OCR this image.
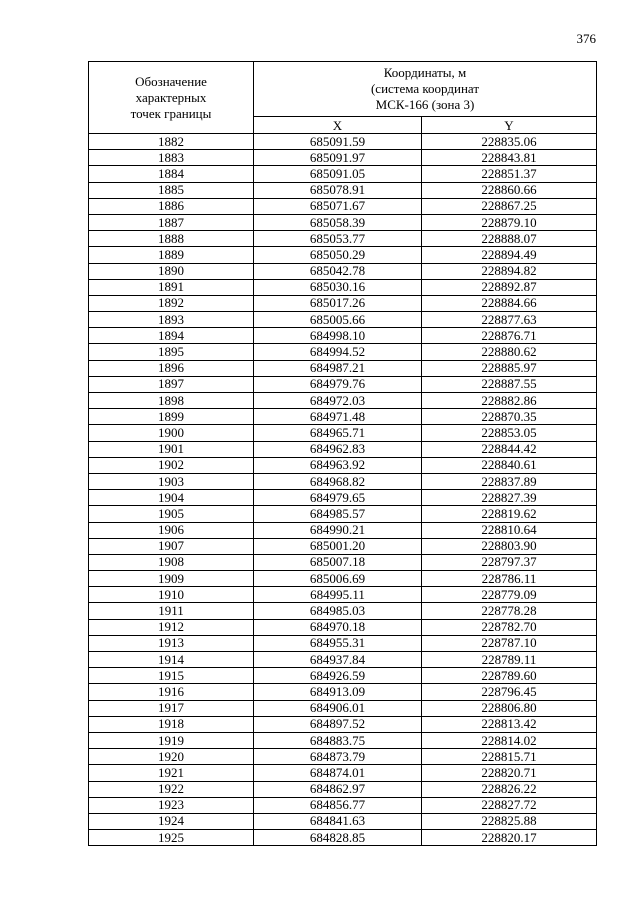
376
Обозначение
характерных
точек границы	Координаты, м
(система координат
МСК-166 (зона 3)	

	X	Y
1882	685091.59	228835.06
1883	685091.97	228843.81
1884	685091.05	228851.37
1885	685078.91	228860.66
1886	685071.67	228867.25
1887	685058.39	228879.10
1888	685053.77	228888.07
1889	685050.29	228894.49
1890	685042.78	228894.82
1891	685030.16	228892.87
1892	685017.26	228884.66
1893	685005.66	228877.63
1894	684998.10	228876.71
1895	684994.52	228880.62
1896	684987.21	228885.97
1897	684979.76	228887.55
1898	684972.03	228882.86
1899	684971.48	228870.35
1900	684965.71	228853.05
1901	684962.83	228844.42
1902	684963.92	228840.61
1903	684968.82	228837.89
1904	684979.65	228827.39
1905	684985.57	228819.62
1906	684990.21	228810.64
1907	685001.20	228803.90
1908	685007.18	228797.37
1909	685006.69	228786.11
1910	684995.11	228779.09
1911	684985.03	228778.28
1912	684970.18	228782.70
1913	684955.31	228787.10
1914	684937.84	228789.11
1915	684926.59	228789.60
1916	684913.09	228796.45
1917	684906.01	228806.80
1918	684897.52	228813.42
1919	684883.75	228814.02
1920	684873.79	228815.71
1921	684874.01	228820.71
1922	684862.97	228826.22
1923	684856.77	228827.72
1924	684841.63	228825.88
1925	684828.85	228820.17
